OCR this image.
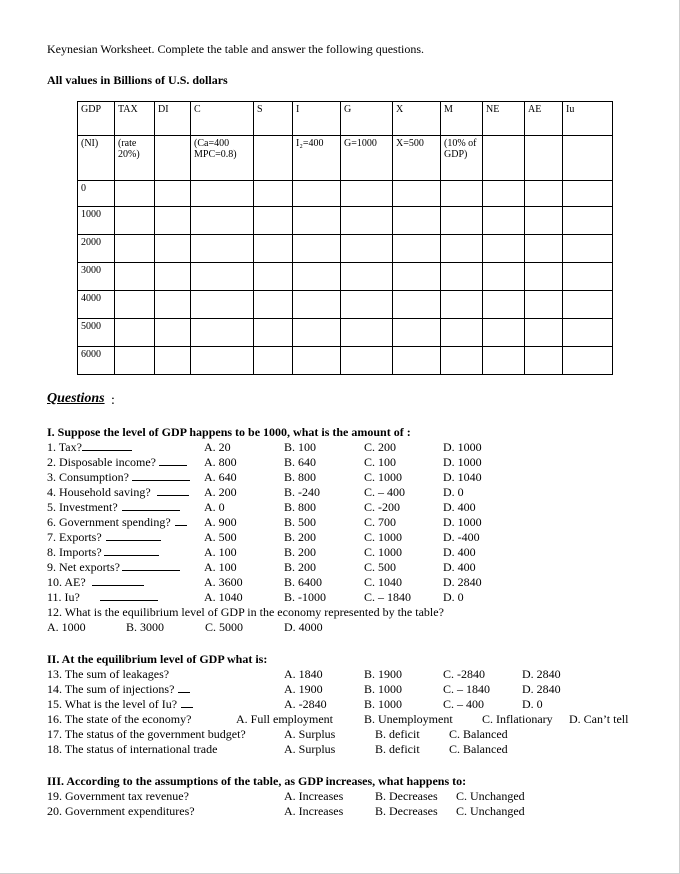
Keynesian Worksheet. Complete the table and answer the following questions.
All values in Billions of U.S. dollars
GDP	TAX	DI	C	S	I	G	X	M	NE	AE	Iu
(NI)	(rate 20%)		(Ca=400 MPC=0.8)		I₂=400	G=1000	X=500	(10% of GDP)			
0											
1000											
2000											
3000											
4000											
5000											
6000											
Questions :
I. Suppose the level of GDP happens to be 1000, what is the amount of :
II. At the equilibrium level of GDP what is:
III. According to the assumptions of the table, as GDP increases, what happens to:
1. Tax?	A. 20	B. 100	C. 200	D. 1000
2. Disposable income?	A. 800	B. 640	C. 100	D. 1000
3. Consumption?	A. 640	B. 800	C. 1000	D. 1040
4. Household saving?	A. 200	B. -240	C. – 400	D. 0
5. Investment?	A. 0	B. 800	C. -200	D. 400
6. Government spending?	A. 900	B. 500	C. 700	D. 1000
7. Exports?	A. 500	B. 200	C. 1000	D. -400
8. Imports?	A. 100	B. 200	C. 1000	D. 400
9. Net exports?	A. 100	B. 200	C. 500	D. 400
10. AE?	A. 3600	B. 6400	C. 1040	D. 2840
11. Iu?	A. 1040	B. -1000	C. – 1840	D. 0
12. What is the equilibrium level of GDP in the economy represented by the table?
A. 1000	B. 3000	C. 5000	D. 4000
13. The sum of leakages?	A. 1840	B. 1900	C. -2840	D. 2840
14. The sum of injections?	A. 1900	B. 1000	C. – 1840	D. 2840
15. What is the level of Iu?	A. -2840	B. 1000	C. – 400	D. 0
16. The state of the economy?	A. Full employment	B. Unemployment C. Inflationary D. Can’t tell
17. The status of the government budget?	A. Surplus	B. deficit C. Balanced
18. The status of international trade	A. Surplus	B. deficit C. Balanced
19. Government tax revenue?	A. Increases	B. Decreases C. Unchanged
20. Government expenditures?	A. Increases	B. Decreases C. Unchanged
